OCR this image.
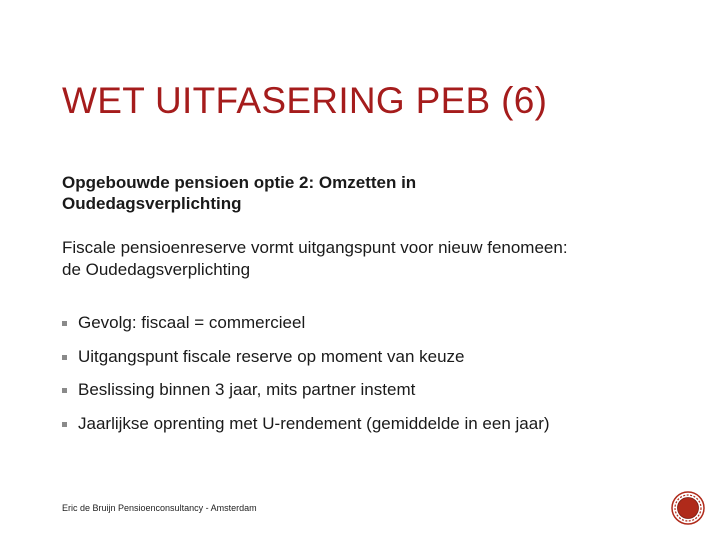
WET UITFASERING PEB (6)

Opgebouwde pensioen optie 2: Omzetten in
Oudedagsverplichting

Fiscale pensioenreserve vormt uitgangspunt voor nieuw fenomeen:
de Oudedagsverplichting

Gevolg: fiscaal = commercieel
Uitgangspunt fiscale reserve op moment van keuze
Beslissing binnen 3 jaar, mits partner instemt
Jaarlijkse oprenting met U-rendement (gemiddelde in een jaar)
Eric de Bruijn Pensioenconsultancy - Amsterdam
